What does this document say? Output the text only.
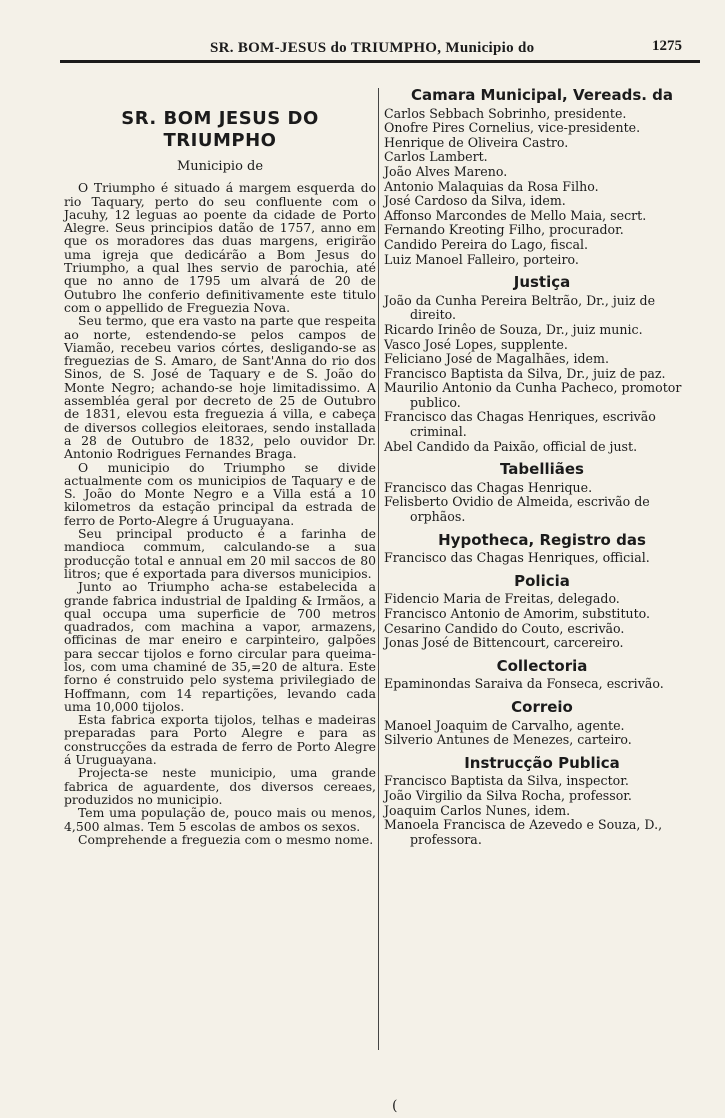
SR. BOM-JESUS do TRIUMPHO, Municipio do	1275
SR. BOM JESUS DO TRIUMPHO
Municipio de

O Triumpho é situado á margem esquerda do rio Taquary, perto do seu confluente com o Jacuhy, 12 leguas ao poente da cidade de Porto Alegre. Seus principios datão de 1757, anno em que os moradores das duas margens, erigirão uma igreja que dedicárão a Bom Jesus do Triumpho, a qual lhes servio de parochia, até que no anno de 1795 um alvará de 20 de Outubro lhe conferio definitivamente este titulo com o appellido de Freguezia Nova.

Seu termo, que era vasto na parte que respeita ao norte, estendendo-se pelos campos de Viamão, recebeu varios córtes, desligando-se as freguezias de S. Amaro, de Sant'Anna do rio dos Sinos, de S. José de Taquary e de S. João do Monte Negro; achando-se hoje limitadissimo. A assembléa geral por decreto de 25 de Outubro de 1831, elevou esta freguezia á villa, e cabeça de diversos collegios eleitoraes, sendo installada a 28 de Outubro de 1832, pelo ouvidor Dr. Antonio Rodrigues Fernandes Braga.

O municipio do Triumpho se divide actualmente com os municipios de Taquary e de S. João do Monte Negro e a Villa está a 10 kilometros da estação principal da estrada de ferro de Porto-Alegre á Uruguayana.

Seu principal producto é a farinha de mandioca commum, calculando-se a sua producção total e annual em 20 mil saccos de 80 litros; que é exportada para diversos municipios.

Junto ao Triumpho acha-se estabelecida a grande fabrica industrial de Ipalding & Irmãos, a qual occupa uma superficie de 700 metros quadrados, com machina a vapor, armazens, officinas de mar eneiro e carpinteiro, galpões para seccar tijolos e forno circular para queima-los, com uma chaminé de 35,=20 de altura. Este forno é construido pelo systema privilegiado de Hoffmann, com 14 repartições, levando cada uma 10,000 tijolos.

Esta fabrica exporta tijolos, telhas e madeiras preparadas para Porto Alegre e para as construcções da estrada de ferro de Porto Alegre á Uruguayana.

Projecta-se neste municipio, uma grande fabrica de aguardente, dos diversos cereaes, produzidos no municipio.

Tem uma população de, pouco mais ou menos, 4,500 almas. Tem 5 escolas de ambos os sexos.

Comprehende a freguezia com o mesmo nome.

Camara Municipal, Vereads. da

Carlos Sebbach Sobrinho, presidente.

Onofre Pires Cornelius, vice-presidente.

Henrique de Oliveira Castro.

Carlos Lambert.

João Alves Mareno.

Antonio Malaquias da Rosa Filho.

José Cardoso da Silva, idem.

Affonso Marcondes de Mello Maia, secrt.

Fernando Kreoting Filho, procurador.

Candido Pereira do Lago, fiscal.

Luiz Manoel Falleiro, porteiro.

Justiça

João da Cunha Pereira Beltrão, Dr., juiz de direito.

Ricardo Irinêo de Souza, Dr., juiz munic.

Vasco José Lopes, supplente.

Feliciano José de Magalhães, idem.

Francisco Baptista da Silva, Dr., juiz de paz.

Maurilio Antonio da Cunha Pacheco, promotor publico.

Francisco das Chagas Henriques, escrivão criminal.

Abel Candido da Paixão, official de just.

Tabelliães

Francisco das Chagas Henrique.

Felisberto Ovidio de Almeida, escrivão de orphãos.

Hypotheca, Registro das

Francisco das Chagas Henriques, official.

Policia

Fidencio Maria de Freitas, delegado.

Francisco Antonio de Amorim, substituto.

Cesarino Candido do Couto, escrivão.

Jonas José de Bittencourt, carcereiro.

Collectoria

Epaminondas Saraiva da Fonseca, escrivão.

Correio

Manoel Joaquim de Carvalho, agente.

Silverio Antunes de Menezes, carteiro.

Instrucção Publica

Francisco Baptista da Silva, inspector.

João Virgilio da Silva Rocha, professor.

Joaquim Carlos Nunes, idem.

Manoela Francisca de Azevedo e Souza, D., professora.

(
